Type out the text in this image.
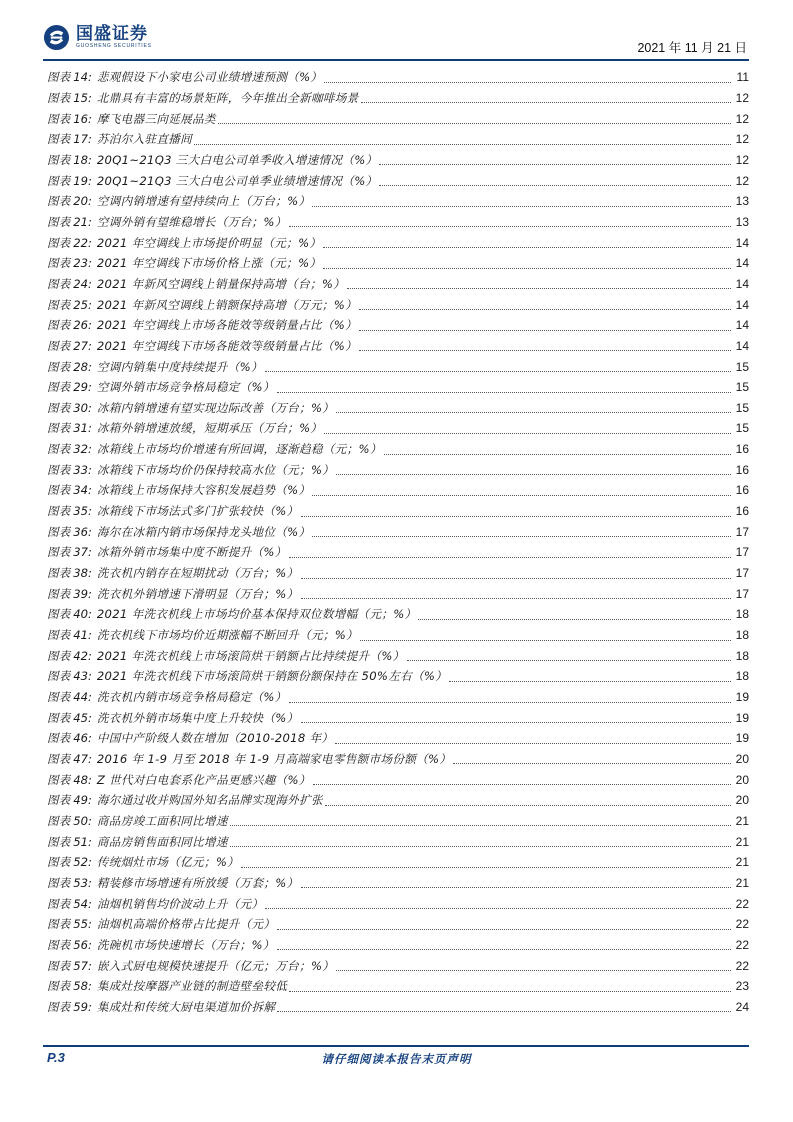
国盛证券
GUOSHENG SECURITIES	2021 年 11 月 21 日
图表 14: 悲观假设下小家电公司业绩增速预测（%）	11
图表 15: 北鼎具有丰富的场景矩阵，今年推出全新咖啡场景	12
图表 16: 摩飞电器三向延展品类	12
图表 17: 苏泊尔入驻直播间	12
图表 18: 20Q1~21Q3 三大白电公司单季收入增速情况（%）	12
图表 19: 20Q1~21Q3 三大白电公司单季业绩增速情况（%）	12
图表 20: 空调内销增速有望持续向上（万台；%）	13
图表 21: 空调外销有望维稳增长（万台；%）	13
图表 22: 2021 年空调线上市场提价明显（元；%）	14
图表 23: 2021 年空调线下市场价格上涨（元；%）	14
图表 24: 2021 年新风空调线上销量保持高增（台；%）	14
图表 25: 2021 年新风空调线上销额保持高增（万元；%）	14
图表 26: 2021 年空调线上市场各能效等级销量占比（%）	14
图表 27: 2021 年空调线下市场各能效等级销量占比（%）	14
图表 28: 空调内销集中度持续提升（%）	15
图表 29: 空调外销市场竞争格局稳定（%）	15
图表 30: 冰箱内销增速有望实现边际改善（万台；%）	15
图表 31: 冰箱外销增速放缓，短期承压（万台；%）	15
图表 32: 冰箱线上市场均价增速有所回调，逐渐趋稳（元；%）	16
图表 33: 冰箱线下市场均价仍保持较高水位（元；%）	16
图表 34: 冰箱线上市场保持大容积发展趋势（%）	16
图表 35: 冰箱线下市场法式多门扩张较快（%）	16
图表 36: 海尔在冰箱内销市场保持龙头地位（%）	17
图表 37: 冰箱外销市场集中度不断提升（%）	17
图表 38: 洗衣机内销存在短期扰动（万台；%）	17
图表 39: 洗衣机外销增速下滑明显（万台；%）	17
图表 40: 2021 年洗衣机线上市场均价基本保持双位数增幅（元；%）	18
图表 41: 洗衣机线下市场均价近期涨幅不断回升（元；%）	18
图表 42: 2021 年洗衣机线上市场滚筒烘干销额占比持续提升（%）	18
图表 43: 2021 年洗衣机线下市场滚筒烘干销额份额保持在 50%左右（%）	18
图表 44: 洗衣机内销市场竞争格局稳定（%）	19
图表 45: 洗衣机外销市场集中度上升较快（%）	19
图表 46: 中国中产阶级人数在增加（2010-2018 年）	19
图表 47: 2016 年 1-9 月至 2018 年 1-9 月高端家电零售额市场份额（%）	20
图表 48: Z 世代对白电套系化产品更感兴趣（%）	20
图表 49: 海尔通过收并购国外知名品牌实现海外扩张	20
图表 50: 商品房竣工面积同比增速	21
图表 51: 商品房销售面积同比增速	21
图表 52: 传统烟灶市场（亿元；%）	21
图表 53: 精装修市场增速有所放缓（万套；%）	21
图表 54: 油烟机销售均价波动上升（元）	22
图表 55: 油烟机高端价格带占比提升（元）	22
图表 56: 洗碗机市场快速增长（万台；%）	22
图表 57: 嵌入式厨电规模快速提升（亿元；万台；%）	22
图表 58: 集成灶按摩器产业链的制造壁垒较低	23
图表 59: 集成灶和传统大厨电渠道加价拆解	24
P.3	请仔细阅读本报告末页声明
